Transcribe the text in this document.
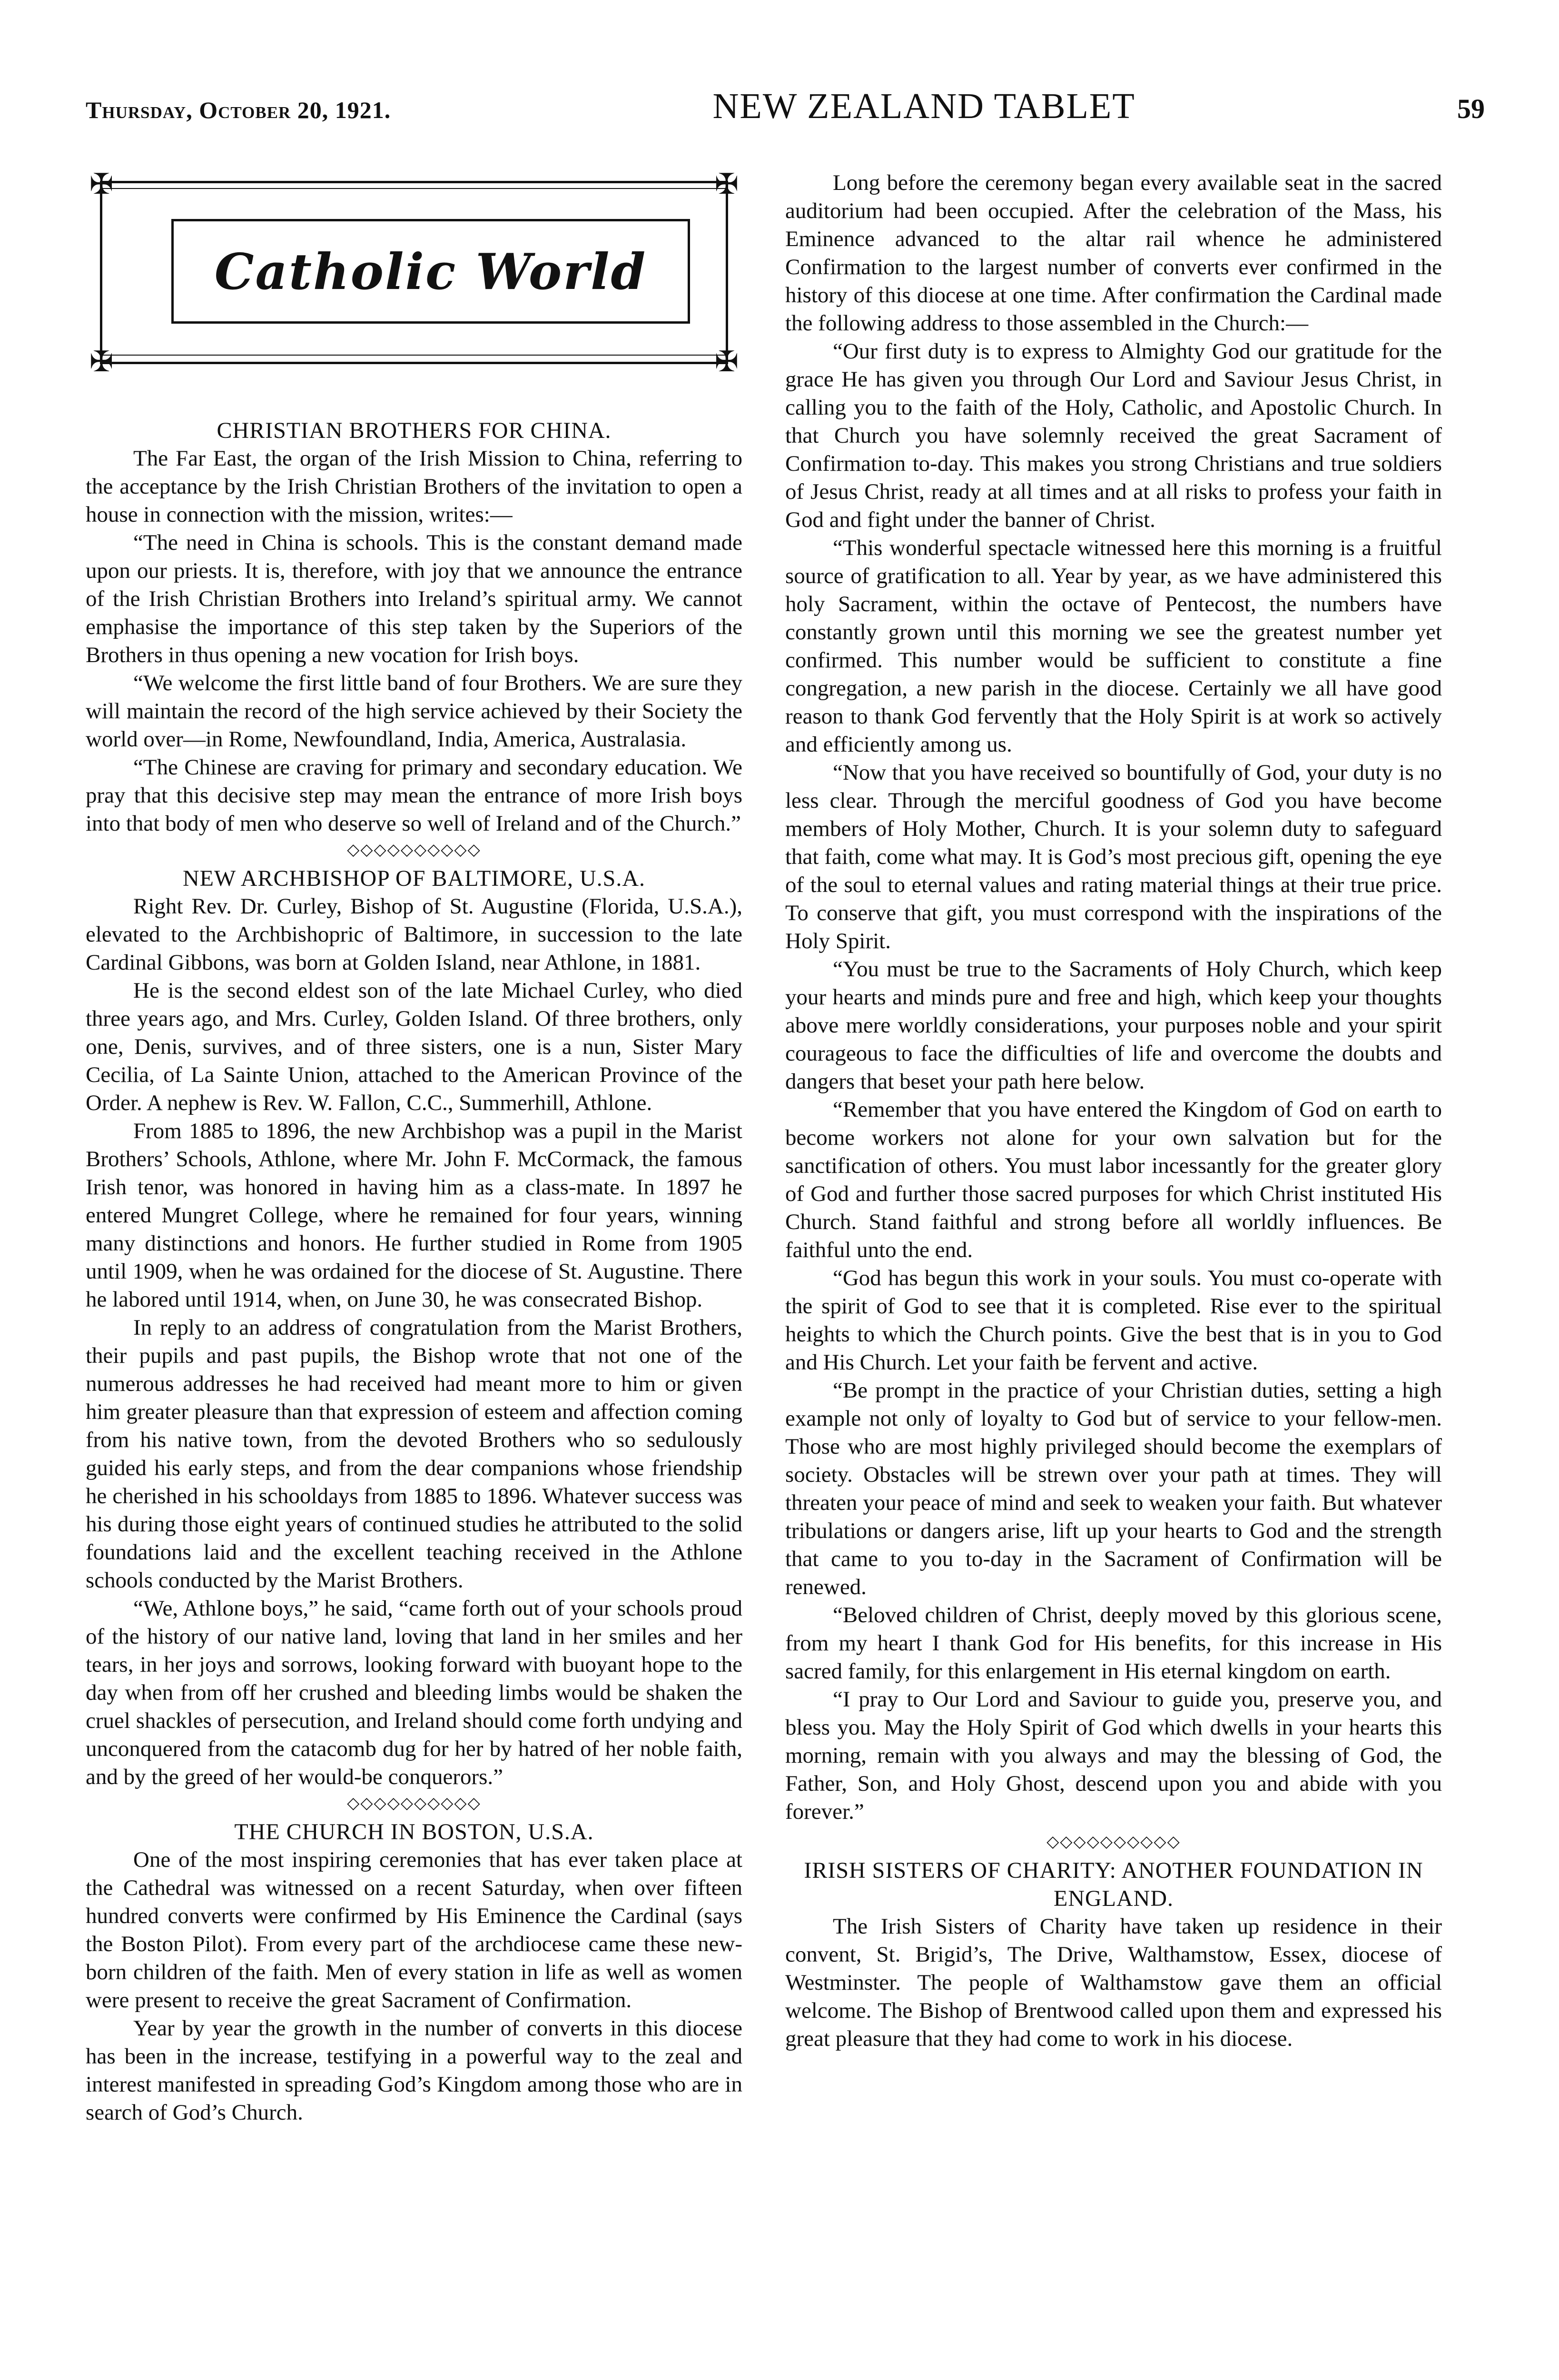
Thursday, October 20, 1921.	NEW ZEALAND TABLET	59
✠	✠
✠	✠
Catholic World
CHRISTIAN BROTHERS FOR CHINA.

The Far East, the organ of the Irish Mission to China, referring to the acceptance by the Irish Christian Brothers of the invitation to open a house in connection with the mission, writes:—

“The need in China is schools. This is the constant demand made upon our priests. It is, therefore, with joy that we announce the entrance of the Irish Christian Brothers into Ireland’s spiritual army. We cannot emphasise the importance of this step taken by the Superiors of the Brothers in thus opening a new vocation for Irish boys.

“We welcome the first little band of four Brothers. We are sure they will maintain the record of the high service achieved by their Society the world over—in Rome, Newfoundland, India, America, Australasia.

“The Chinese are craving for primary and secondary education. We pray that this decisive step may mean the entrance of more Irish boys into that body of men who deserve so well of Ireland and of the Church.”

◇◇◇◇◇◇◇◇◇◇
NEW ARCHBISHOP OF BALTIMORE, U.S.A.

Right Rev. Dr. Curley, Bishop of St. Augustine (Florida, U.S.A.), elevated to the Archbishopric of Baltimore, in succession to the late Cardinal Gibbons, was born at Golden Island, near Athlone, in 1881.

He is the second eldest son of the late Michael Curley, who died three years ago, and Mrs. Curley, Golden Island. Of three brothers, only one, Denis, survives, and of three sisters, one is a nun, Sister Mary Cecilia, of La Sainte Union, attached to the American Province of the Order. A nephew is Rev. W. Fallon, C.C., Summerhill, Athlone.

From 1885 to 1896, the new Archbishop was a pupil in the Marist Brothers’ Schools, Athlone, where Mr. John F. McCormack, the famous Irish tenor, was honored in having him as a class-mate. In 1897 he entered Mungret College, where he remained for four years, winning many distinctions and honors. He further studied in Rome from 1905 until 1909, when he was ordained for the diocese of St. Augustine. There he labored until 1914, when, on June 30, he was consecrated Bishop.

In reply to an address of congratulation from the Marist Brothers, their pupils and past pupils, the Bishop wrote that not one of the numerous addresses he had received had meant more to him or given him greater pleasure than that expression of esteem and affection coming from his native town, from the devoted Brothers who so sedulously guided his early steps, and from the dear companions whose friendship he cherished in his schooldays from 1885 to 1896. Whatever success was his during those eight years of continued studies he attributed to the solid foundations laid and the excellent teaching received in the Athlone schools conducted by the Marist Brothers.

“We, Athlone boys,” he said, “came forth out of your schools proud of the history of our native land, loving that land in her smiles and her tears, in her joys and sorrows, looking forward with buoyant hope to the day when from off her crushed and bleeding limbs would be shaken the cruel shackles of persecution, and Ireland should come forth undying and unconquered from the catacomb dug for her by hatred of her noble faith, and by the greed of her would-be conquerors.”

◇◇◇◇◇◇◇◇◇◇
THE CHURCH IN BOSTON, U.S.A.

One of the most inspiring ceremonies that has ever taken place at the Cathedral was witnessed on a recent Saturday, when over fifteen hundred converts were confirmed by His Eminence the Cardinal (says the Boston Pilot). From every part of the archdiocese came these new-born children of the faith. Men of every station in life as well as women were present to receive the great Sacrament of Confirmation.

Year by year the growth in the number of converts in this diocese has been in the increase, testifying in a powerful way to the zeal and interest manifested in spreading God’s Kingdom among those who are in search of God’s Church.

Long before the ceremony began every available seat in the sacred auditorium had been occupied. After the celebration of the Mass, his Eminence advanced to the altar rail whence he administered Confirmation to the largest number of converts ever confirmed in the history of this diocese at one time. After confirmation the Cardinal made the following address to those assembled in the Church:—

“Our first duty is to express to Almighty God our gratitude for the grace He has given you through Our Lord and Saviour Jesus Christ, in calling you to the faith of the Holy, Catholic, and Apostolic Church. In that Church you have solemnly received the great Sacrament of Confirmation to-day. This makes you strong Christians and true soldiers of Jesus Christ, ready at all times and at all risks to profess your faith in God and fight under the banner of Christ.

“This wonderful spectacle witnessed here this morning is a fruitful source of gratification to all. Year by year, as we have administered this holy Sacrament, within the octave of Pentecost, the numbers have constantly grown until this morning we see the greatest number yet confirmed. This number would be sufficient to constitute a fine congregation, a new parish in the diocese. Certainly we all have good reason to thank God fervently that the Holy Spirit is at work so actively and efficiently among us.

“Now that you have received so bountifully of God, your duty is no less clear. Through the merciful goodness of God you have become members of Holy Mother, Church. It is your solemn duty to safeguard that faith, come what may. It is God’s most precious gift, opening the eye of the soul to eternal values and rating material things at their true price. To conserve that gift, you must correspond with the inspirations of the Holy Spirit.

“You must be true to the Sacraments of Holy Church, which keep your hearts and minds pure and free and high, which keep your thoughts above mere worldly considerations, your purposes noble and your spirit courageous to face the difficulties of life and overcome the doubts and dangers that beset your path here below.

“Remember that you have entered the Kingdom of God on earth to become workers not alone for your own salvation but for the sanctification of others. You must labor incessantly for the greater glory of God and further those sacred purposes for which Christ instituted His Church. Stand faithful and strong before all worldly influences. Be faithful unto the end.

“God has begun this work in your souls. You must co-operate with the spirit of God to see that it is completed. Rise ever to the spiritual heights to which the Church points. Give the best that is in you to God and His Church. Let your faith be fervent and active.

“Be prompt in the practice of your Christian duties, setting a high example not only of loyalty to God but of service to your fellow-men. Those who are most highly privileged should become the exemplars of society. Obstacles will be strewn over your path at times. They will threaten your peace of mind and seek to weaken your faith. But whatever tribulations or dangers arise, lift up your hearts to God and the strength that came to you to-day in the Sacrament of Confirmation will be renewed.

“Beloved children of Christ, deeply moved by this glorious scene, from my heart I thank God for His benefits, for this increase in His sacred family, for this enlargement in His eternal kingdom on earth.

“I pray to Our Lord and Saviour to guide you, preserve you, and bless you. May the Holy Spirit of God which dwells in your hearts this morning, remain with you always and may the blessing of God, the Father, Son, and Holy Ghost, descend upon you and abide with you forever.”

◇◇◇◇◇◇◇◇◇◇
IRISH SISTERS OF CHARITY: ANOTHER FOUNDATION IN ENGLAND.

The Irish Sisters of Charity have taken up residence in their convent, St. Brigid’s, The Drive, Walthamstow, Essex, diocese of Westminster. The people of Walthamstow gave them an official welcome. The Bishop of Brentwood called upon them and expressed his great pleasure that they had come to work in his diocese.
